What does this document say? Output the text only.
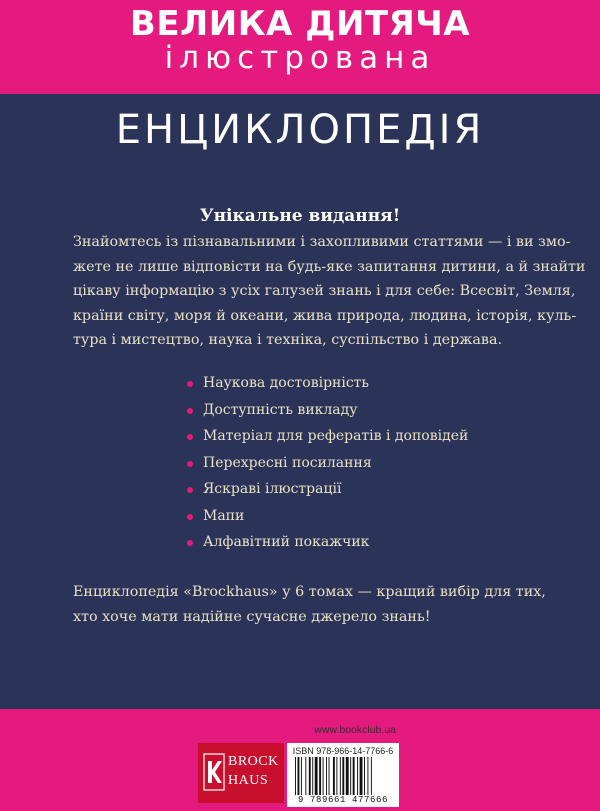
ВЕЛИКА ДИТЯЧА
ілюстрована
ЕНЦИКЛОПЕДІЯ
Унікальне видання!
Знайомтесь із пізнавальними і захопливими статтями — і ви змо-
жете не лише відповісти на будь-яке запитання дитини, а й знайти
цікаву інформацію з усіх галузей знань і для себе: Всесвіт, Земля,
країни світу, моря й океани, жива природа, людина, історія, куль-
тура і мистецтво, наука і техніка, суспільство і держава.
Наукова достовірність
Доступність викладу
Матеріал для рефератів і доповідей
Перехресні посилання
Яскраві ілюстрації
Мапи
Алфавітний покажчик
Енциклопедія «Brockhaus» у 6 томах — кращий вибір для тих,
хто хоче мати надійне сучасне джерело знань!
www.bookclub.ua
BROCK
HAUS
ISBN 978-966-14-7766-6
9 789661 477666
